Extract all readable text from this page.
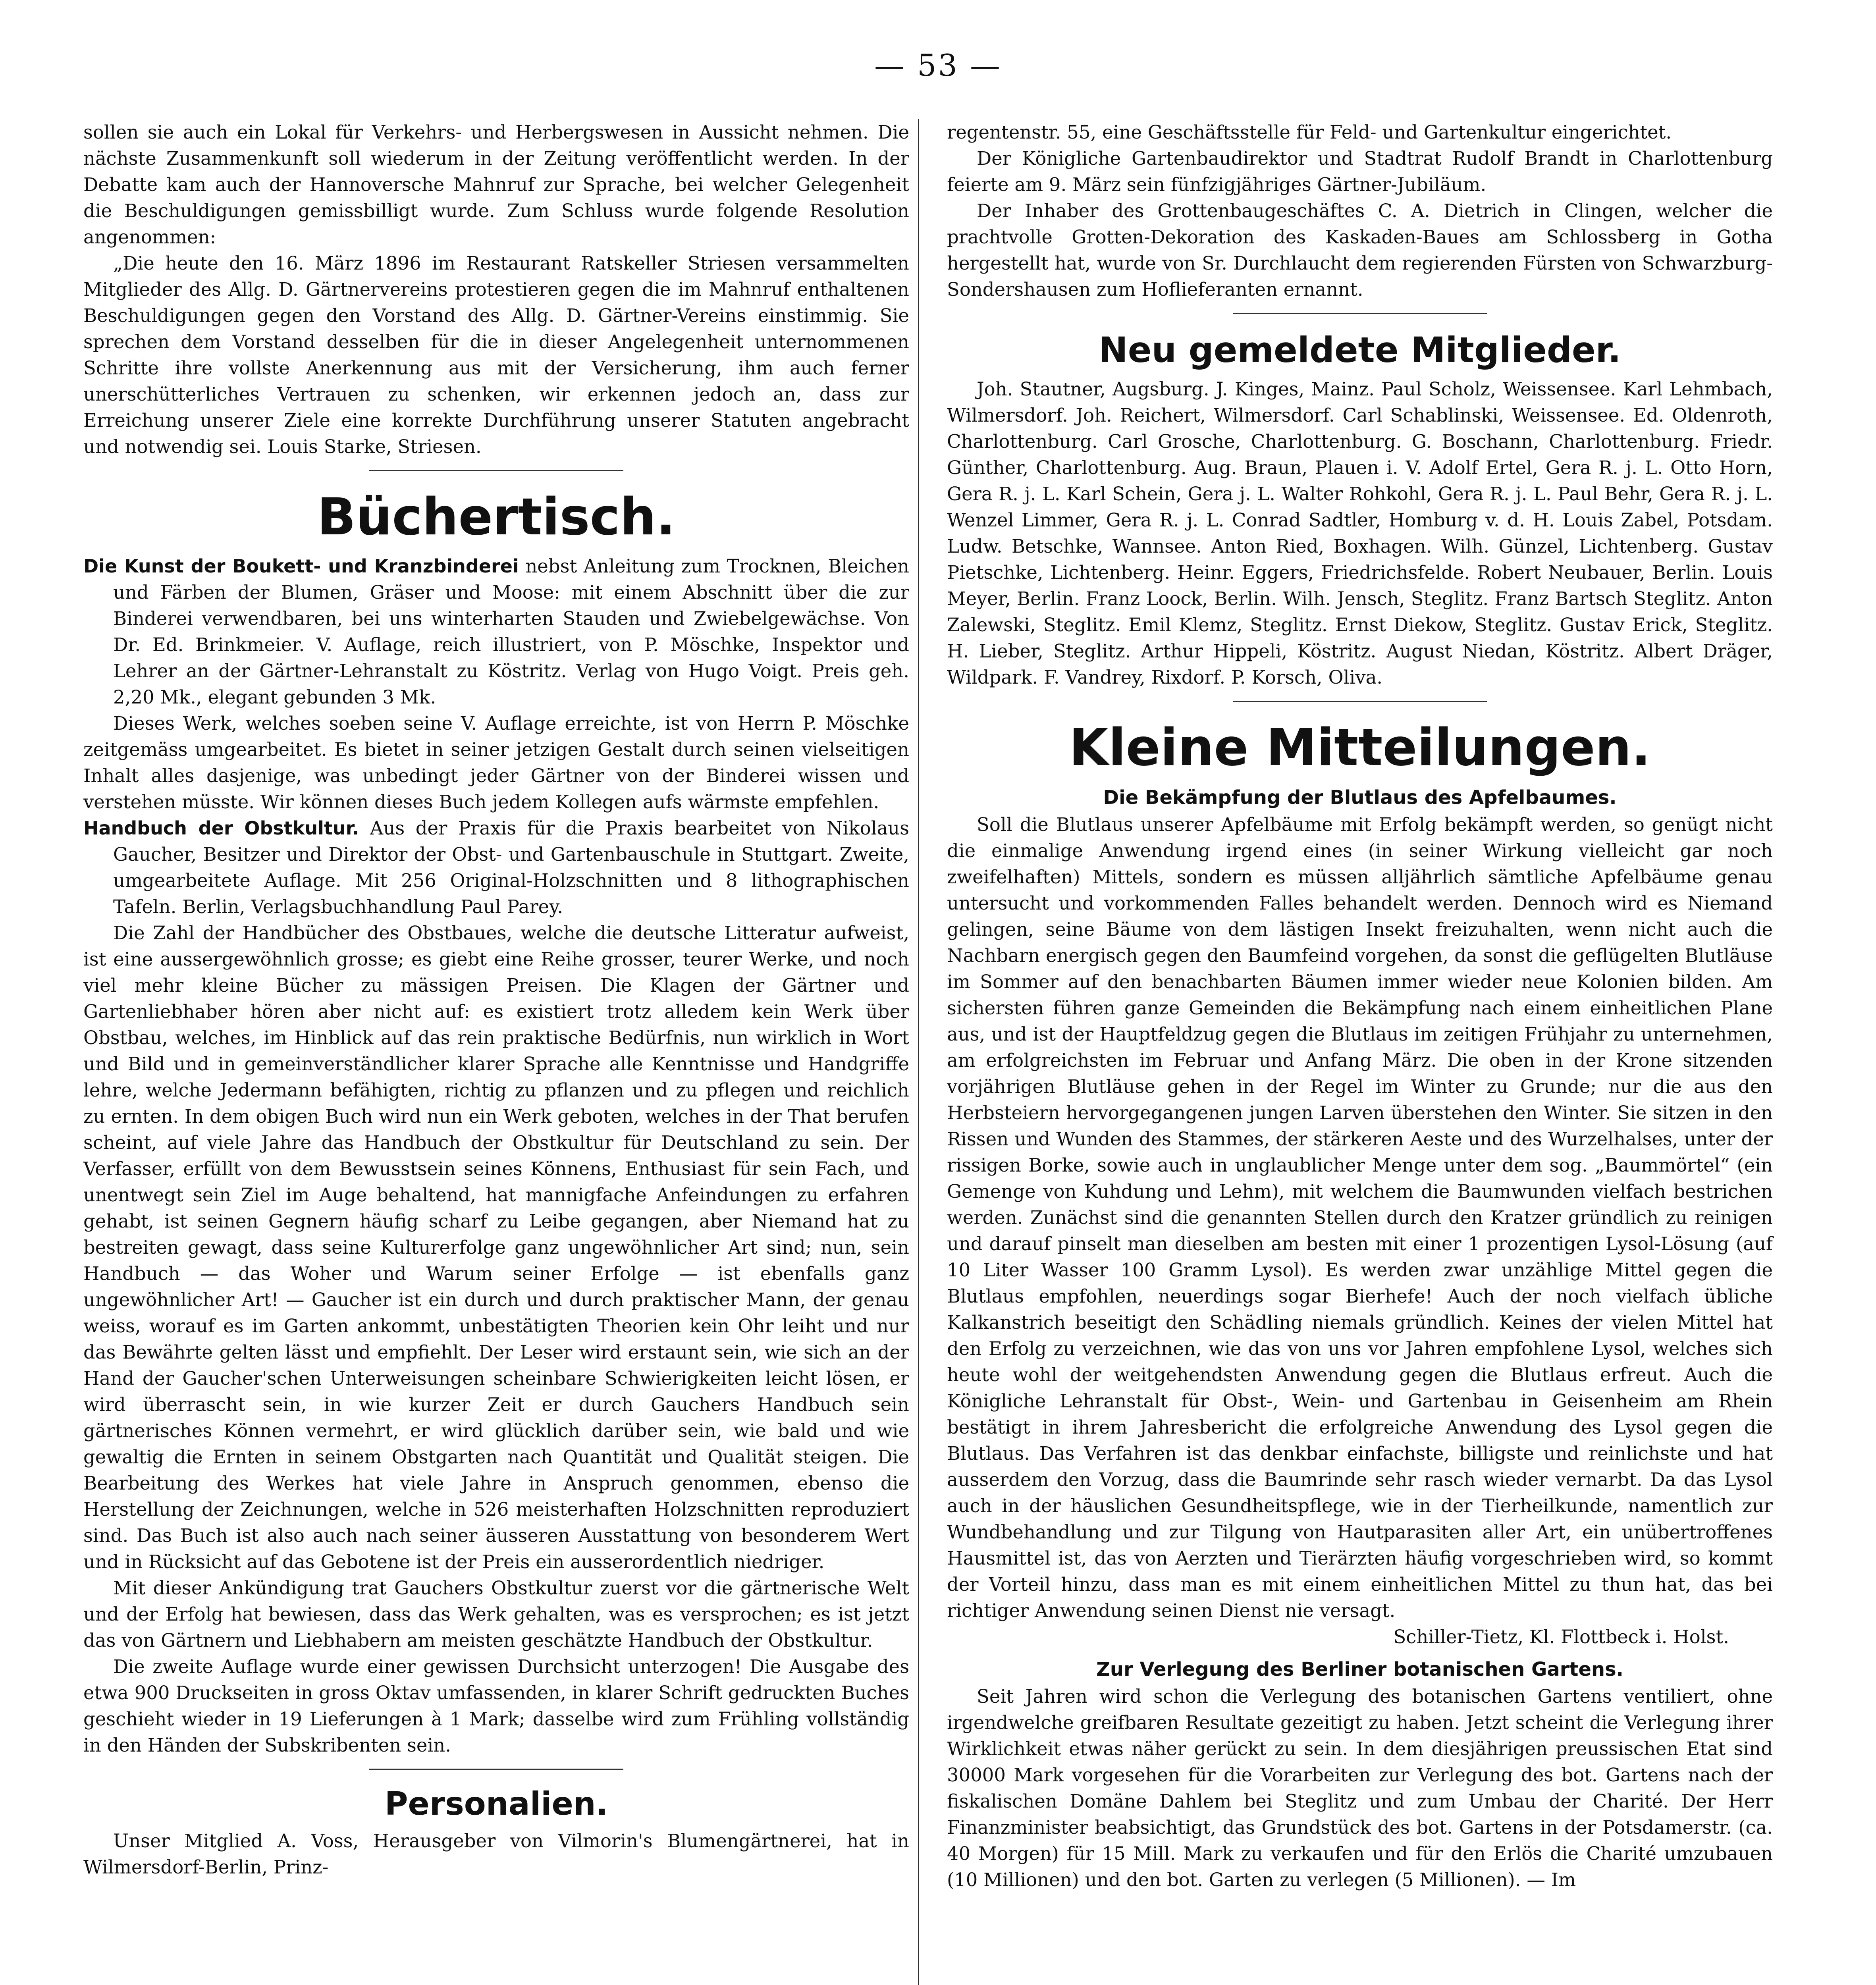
— 53 —

sollen sie auch ein Lokal für Verkehrs- und Herbergswesen in Aussicht nehmen. Die nächste Zusammenkunft soll wiederum in der Zeitung veröffentlicht werden. In der Debatte kam auch der Hannoversche Mahnruf zur Sprache, bei welcher Gelegenheit die Beschuldigungen gemissbilligt wurde. Zum Schluss wurde folgende Resolution angenommen:

„Die heute den 16. März 1896 im Restaurant Ratskeller Striesen versammelten Mitglieder des Allg. D. Gärtnervereins protestieren gegen die im Mahnruf enthaltenen Beschuldigungen gegen den Vorstand des Allg. D. Gärtner-Vereins einstimmig. Sie sprechen dem Vorstand desselben für die in dieser Angelegenheit unternommenen Schritte ihre vollste Anerkennung aus mit der Versicherung, ihm auch ferner unerschütterliches Vertrauen zu schenken, wir erkennen jedoch an, dass zur Erreichung unserer Ziele eine korrekte Durchführung unserer Statuten angebracht und notwendig sei. Louis Starke, Striesen.

Büchertisch.

Die Kunst der Boukett- und Kranzbinderei nebst Anleitung zum Trocknen, Bleichen und Färben der Blumen, Gräser und Moose: mit einem Abschnitt über die zur Binderei verwendbaren, bei uns winterharten Stauden und Zwiebelgewächse. Von Dr. Ed. Brinkmeier. V. Auflage, reich illustriert, von P. Möschke, Inspektor und Lehrer an der Gärtner-Lehranstalt zu Köstritz. Verlag von Hugo Voigt. Preis geh. 2,20 Mk., elegant gebunden 3 Mk.

Dieses Werk, welches soeben seine V. Auflage erreichte, ist von Herrn P. Möschke zeitgemäss umgearbeitet. Es bietet in seiner jetzigen Gestalt durch seinen vielseitigen Inhalt alles dasjenige, was unbedingt jeder Gärtner von der Binderei wissen und verstehen müsste. Wir können dieses Buch jedem Kollegen aufs wärmste empfehlen.

Handbuch der Obstkultur. Aus der Praxis für die Praxis bearbeitet von Nikolaus Gaucher, Besitzer und Direktor der Obst- und Gartenbauschule in Stuttgart. Zweite, umgearbeitete Auflage. Mit 256 Original-Holzschnitten und 8 lithographischen Tafeln. Berlin, Verlagsbuchhandlung Paul Parey.

Die Zahl der Handbücher des Obstbaues, welche die deutsche Litteratur aufweist, ist eine aussergewöhnlich grosse; es giebt eine Reihe grosser, teurer Werke, und noch viel mehr kleine Bücher zu mässigen Preisen. Die Klagen der Gärtner und Gartenliebhaber hören aber nicht auf: es existiert trotz alledem kein Werk über Obstbau, welches, im Hinblick auf das rein praktische Bedürfnis, nun wirklich in Wort und Bild und in gemeinverständlicher klarer Sprache alle Kenntnisse und Handgriffe lehre, welche Jedermann befähigten, richtig zu pflanzen und zu pflegen und reichlich zu ernten. In dem obigen Buch wird nun ein Werk geboten, welches in der That berufen scheint, auf viele Jahre das Handbuch der Obstkultur für Deutschland zu sein. Der Verfasser, erfüllt von dem Bewusstsein seines Könnens, Enthusiast für sein Fach, und unentwegt sein Ziel im Auge behaltend, hat mannigfache Anfeindungen zu erfahren gehabt, ist seinen Gegnern häufig scharf zu Leibe gegangen, aber Niemand hat zu bestreiten gewagt, dass seine Kulturerfolge ganz ungewöhnlicher Art sind; nun, sein Handbuch — das Woher und Warum seiner Erfolge — ist ebenfalls ganz ungewöhnlicher Art! — Gaucher ist ein durch und durch praktischer Mann, der genau weiss, worauf es im Garten ankommt, unbestätigten Theorien kein Ohr leiht und nur das Bewährte gelten lässt und empfiehlt. Der Leser wird erstaunt sein, wie sich an der Hand der Gaucher'schen Unterweisungen scheinbare Schwierigkeiten leicht lösen, er wird überrascht sein, in wie kurzer Zeit er durch Gauchers Handbuch sein gärtnerisches Können vermehrt, er wird glücklich darüber sein, wie bald und wie gewaltig die Ernten in seinem Obstgarten nach Quantität und Qualität steigen. Die Bearbeitung des Werkes hat viele Jahre in Anspruch genommen, ebenso die Herstellung der Zeichnungen, welche in 526 meisterhaften Holzschnitten reproduziert sind. Das Buch ist also auch nach seiner äusseren Ausstattung von besonderem Wert und in Rücksicht auf das Gebotene ist der Preis ein ausserordentlich niedriger.

Mit dieser Ankündigung trat Gauchers Obstkultur zuerst vor die gärtnerische Welt und der Erfolg hat bewiesen, dass das Werk gehalten, was es versprochen; es ist jetzt das von Gärtnern und Liebhabern am meisten geschätzte Handbuch der Obstkultur.

Die zweite Auflage wurde einer gewissen Durchsicht unterzogen! Die Ausgabe des etwa 900 Druckseiten in gross Oktav umfassenden, in klarer Schrift gedruckten Buches geschieht wieder in 19 Lieferungen à 1 Mark; dasselbe wird zum Frühling vollständig in den Händen der Subskribenten sein.

Personalien.

Unser Mitglied A. Voss, Herausgeber von Vilmorin's Blumengärtnerei, hat in Wilmersdorf-Berlin, Prinz-

regentenstr. 55, eine Geschäftsstelle für Feld- und Gartenkultur eingerichtet.

Der Königliche Gartenbaudirektor und Stadtrat Rudolf Brandt in Charlottenburg feierte am 9. März sein fünfzigjähriges Gärtner-Jubiläum.

Der Inhaber des Grottenbaugeschäftes C. A. Dietrich in Clingen, welcher die prachtvolle Grotten-Dekoration des Kaskaden-Baues am Schlossberg in Gotha hergestellt hat, wurde von Sr. Durchlaucht dem regierenden Fürsten von Schwarzburg-Sondershausen zum Hoflieferanten ernannt.

Neu gemeldete Mitglieder.

Joh. Stautner, Augsburg. J. Kinges, Mainz. Paul Scholz, Weissensee. Karl Lehmbach, Wilmersdorf. Joh. Reichert, Wilmersdorf. Carl Schablinski, Weissensee. Ed. Oldenroth, Charlottenburg. Carl Grosche, Charlottenburg. G. Boschann, Charlottenburg. Friedr. Günther, Charlottenburg. Aug. Braun, Plauen i. V. Adolf Ertel, Gera R. j. L. Otto Horn, Gera R. j. L. Karl Schein, Gera j. L. Walter Rohkohl, Gera R. j. L. Paul Behr, Gera R. j. L. Wenzel Limmer, Gera R. j. L. Conrad Sadtler, Homburg v. d. H. Louis Zabel, Potsdam. Ludw. Betschke, Wannsee. Anton Ried, Boxhagen. Wilh. Günzel, Lichtenberg. Gustav Pietschke, Lichtenberg. Heinr. Eggers, Friedrichsfelde. Robert Neubauer, Berlin. Louis Meyer, Berlin. Franz Loock, Berlin. Wilh. Jensch, Steglitz. Franz Bartsch Steglitz. Anton Zalewski, Steglitz. Emil Klemz, Steglitz. Ernst Diekow, Steglitz. Gustav Erick, Steglitz. H. Lieber, Steglitz. Arthur Hippeli, Köstritz. August Niedan, Köstritz. Albert Dräger, Wildpark. F. Vandrey, Rixdorf. P. Korsch, Oliva.

Kleine Mitteilungen.
Die Bekämpfung der Blutlaus des Apfelbaumes.

Soll die Blutlaus unserer Apfelbäume mit Erfolg bekämpft werden, so genügt nicht die einmalige Anwendung irgend eines (in seiner Wirkung vielleicht gar noch zweifelhaften) Mittels, sondern es müssen alljährlich sämtliche Apfelbäume genau untersucht und vorkommenden Falles behandelt werden. Dennoch wird es Niemand gelingen, seine Bäume von dem lästigen Insekt freizuhalten, wenn nicht auch die Nachbarn energisch gegen den Baumfeind vorgehen, da sonst die geflügelten Blutläuse im Sommer auf den benachbarten Bäumen immer wieder neue Kolonien bilden. Am sichersten führen ganze Gemeinden die Bekämpfung nach einem einheitlichen Plane aus, und ist der Hauptfeldzug gegen die Blutlaus im zeitigen Frühjahr zu unternehmen, am erfolgreichsten im Februar und Anfang März. Die oben in der Krone sitzenden vorjährigen Blutläuse gehen in der Regel im Winter zu Grunde; nur die aus den Herbsteiern hervorgegangenen jungen Larven überstehen den Winter. Sie sitzen in den Rissen und Wunden des Stammes, der stärkeren Aeste und des Wurzelhalses, unter der rissigen Borke, sowie auch in unglaublicher Menge unter dem sog. „Baummörtel“ (ein Gemenge von Kuhdung und Lehm), mit welchem die Baumwunden vielfach bestrichen werden. Zunächst sind die genannten Stellen durch den Kratzer gründlich zu reinigen und darauf pinselt man dieselben am besten mit einer 1 prozentigen Lysol-Lösung (auf 10 Liter Wasser 100 Gramm Lysol). Es werden zwar unzählige Mittel gegen die Blutlaus empfohlen, neuerdings sogar Bierhefe! Auch der noch vielfach übliche Kalkanstrich beseitigt den Schädling niemals gründlich. Keines der vielen Mittel hat den Erfolg zu verzeichnen, wie das von uns vor Jahren empfohlene Lysol, welches sich heute wohl der weitgehendsten Anwendung gegen die Blutlaus erfreut. Auch die Königliche Lehranstalt für Obst-, Wein- und Gartenbau in Geisenheim am Rhein bestätigt in ihrem Jahresbericht die erfolgreiche Anwendung des Lysol gegen die Blutlaus. Das Verfahren ist das denkbar einfachste, billigste und reinlichste und hat ausserdem den Vorzug, dass die Baumrinde sehr rasch wieder vernarbt. Da das Lysol auch in der häuslichen Gesundheitspflege, wie in der Tierheilkunde, namentlich zur Wundbehandlung und zur Tilgung von Hautparasiten aller Art, ein unübertroffenes Hausmittel ist, das von Aerzten und Tierärzten häufig vorgeschrieben wird, so kommt der Vorteil hinzu, dass man es mit einem einheitlichen Mittel zu thun hat, das bei richtiger Anwendung seinen Dienst nie versagt.

Schiller-Tietz, Kl. Flottbeck i. Holst.

Zur Verlegung des Berliner botanischen Gartens.

Seit Jahren wird schon die Verlegung des botanischen Gartens ventiliert, ohne irgendwelche greifbaren Resultate gezeitigt zu haben. Jetzt scheint die Verlegung ihrer Wirklichkeit etwas näher gerückt zu sein. In dem diesjährigen preussischen Etat sind 30000 Mark vorgesehen für die Vorarbeiten zur Verlegung des bot. Gartens nach der fiskalischen Domäne Dahlem bei Steglitz und zum Umbau der Charité. Der Herr Finanzminister beabsichtigt, das Grundstück des bot. Gartens in der Potsdamerstr. (ca. 40 Morgen) für 15 Mill. Mark zu verkaufen und für den Erlös die Charité umzubauen (10 Millionen) und den bot. Garten zu verlegen (5 Millionen). — Im
